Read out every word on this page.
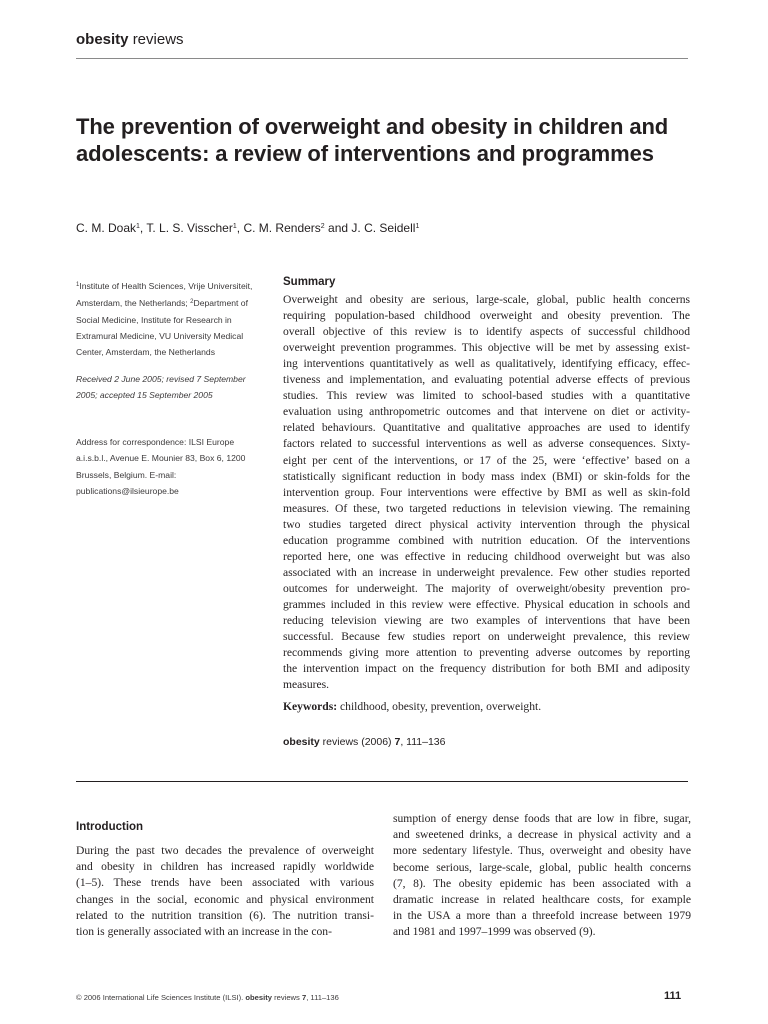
obesity reviews
The prevention of overweight and obesity in children and adolescents: a review of interventions and programmes
C. M. Doak$^1$, T. L. S. Visscher$^1$, C. M. Renders$^2$ and J. C. Seidell$^1$
$^1$Institute of Health Sciences, Vrije Universiteit, Amsterdam, the Netherlands; $^2$Department of Social Medicine, Institute for Research in Extramural Medicine, VU University Medical Center, Amsterdam, the Netherlands
Received 2 June 2005; revised 7 September 2005; accepted 15 September 2005
Address for correspondence: ILSI Europe a.i.s.b.l., Avenue E. Mounier 83, Box 6, 1200 Brussels, Belgium. E-mail: publications@ilsieurope.be
Summary
Overweight and obesity are serious, large-scale, global, public health concerns
requiring population-based childhood overweight and obesity prevention. The
overall objective of this review is to identify aspects of successful childhood
overweight prevention programmes. This objective will be met by assessing exist-
ing interventions quantitatively as well as qualitatively, identifying efficacy, effec-
tiveness and implementation, and evaluating potential adverse effects of previous
studies. This review was limited to school-based studies with a quantitative
evaluation using anthropometric outcomes and that intervene on diet or activity-
related behaviours. Quantitative and qualitative approaches are used to identify
factors related to successful interventions as well as adverse consequences. Sixty-
eight per cent of the interventions, or 17 of the 25, were ‘effective’ based on a
statistically significant reduction in body mass index (BMI) or skin-folds for the
intervention group. Four interventions were effective by BMI as well as skin-fold
measures. Of these, two targeted reductions in television viewing. The remaining
two studies targeted direct physical activity intervention through the physical
education programme combined with nutrition education. Of the interventions
reported here, one was effective in reducing childhood overweight but was also
associated with an increase in underweight prevalence. Few other studies reported
outcomes for underweight. The majority of overweight/obesity prevention pro-
grammes included in this review were effective. Physical education in schools and
reducing television viewing are two examples of interventions that have been
successful. Because few studies report on underweight prevalence, this review
recommends giving more attention to preventing adverse outcomes by reporting
the intervention impact on the frequency distribution for both BMI and adiposity
measures.
Keywords: childhood, obesity, prevention, overweight.
obesity reviews (2006) 7, 111–136
Introduction
During the past two decades the prevalence of overweight
and obesity in children has increased rapidly worldwide
(1–5). These trends have been associated with various
changes in the social, economic and physical environment
related to the nutrition transition (6). The nutrition transi-
tion is generally associated with an increase in the con-
sumption of energy dense foods that are low in fibre, sugar,
and sweetened drinks, a decrease in physical activity and a
more sedentary lifestyle. Thus, overweight and obesity have
become serious, large-scale, global, public health concerns
(7, 8). The obesity epidemic has been associated with a
dramatic increase in related healthcare costs, for example
in the USA a more than a threefold increase between 1979
and 1981 and 1997–1999 was observed (9).
© 2006 International Life Sciences Institute (ILSI). obesity reviews 7, 111–136	111
